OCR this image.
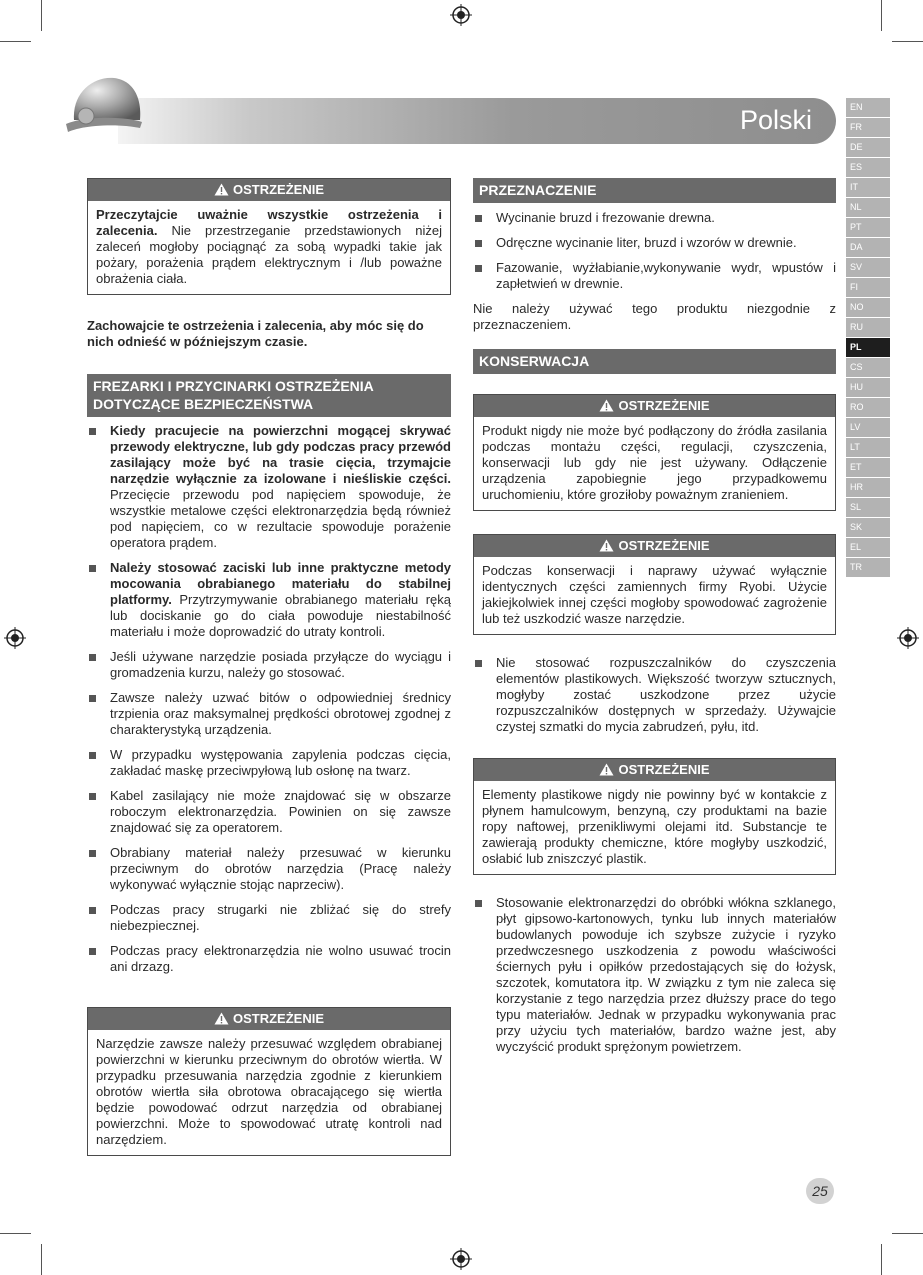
Polski	EN
FR
DE
ES
IT
NL
PT
DA
SV
FI
NO
RU
PL
CS
HU
RO
LV
LT
ET
HR
SL
SK
EL
TR
OSTRZEŻENIE
Przeczytajcie uważnie wszystkie ostrzeżenia i zalecenia. Nie przestrzeganie przedstawionych niżej zaleceń mogłoby pociągnąć za sobą wypadki takie jak pożary, porażenia prądem elektrycznym i /lub poważne obrażenia ciała.

Zachowajcie te ostrzeżenia i zalecenia, aby móc się do nich odnieść w późniejszym czasie.

FREZARKI I PRZYCINARKI OSTRZEŻENIA DOTYCZĄCE BEZPIECZEŃSTWA
Kiedy pracujecie na powierzchni mogącej skrywać przewody elektryczne, lub gdy podczas pracy przewód zasilający może być na trasie cięcia, trzymajcie narzędzie wyłącznie za izolowane i nieśliskie części. Przecięcie przewodu pod napięciem spowoduje, że wszystkie metalowe części elektronarzędzia będą również pod napięciem, co w rezultacie spowoduje porażenie operatora prądem.
Należy stosować zaciski lub inne praktyczne metody mocowania obrabianego materiału do stabilnej platformy. Przytrzymywanie obrabianego materiału ręką lub dociskanie go do ciała powoduje niestabilność materiału i może doprowadzić do utraty kontroli.
Jeśli używane narzędzie posiada przyłącze do wyciągu i gromadzenia kurzu, należy go stosować.
Zawsze należy uzwać bitów o odpowiedniej średnicy trzpienia oraz maksymalnej prędkości obrotowej zgodnej z charakterystyką urządzenia.
W przypadku występowania zapylenia podczas cięcia, zakładać maskę przeciwpyłową lub osłonę na twarz.
Kabel zasilający nie może znajdować się w obszarze roboczym elektronarzędzia. Powinien on się zawsze znajdować się za operatorem.
Obrabiany materiał należy przesuwać w kierunku przeciwnym do obrotów narzędzia (Pracę należy wykonywać wyłącznie stojąc naprzeciw).
Podczas pracy strugarki nie zbliżać się do strefy niebezpiecznej.
Podczas pracy elektronarzędzia nie wolno usuwać trocin ani drzazg.
OSTRZEŻENIE
Narzędzie zawsze należy przesuwać względem obrabianej powierzchni w kierunku przeciwnym do obrotów wiertła. W przypadku przesuwania narzędzia zgodnie z kierunkiem obrotów wiertła siła obrotowa obracającego się wiertła będzie powodować odrzut narzędzia od obrabianej powierzchni. Może to spowodować utratę kontroli nad narzędziem.
PRZEZNACZENIE
Wycinanie bruzd i frezowanie drewna.
Odręczne wycinanie liter, bruzd i wzorów w drewnie.
Fazowanie, wyżłabianie,wykonywanie wydr, wpustów i zapłetwień w drewnie.

Nie należy używać tego produktu niezgodnie z przeznaczeniem.

KONSERWACJA
OSTRZEŻENIE
Produkt nigdy nie może być podłączony do źródła zasilania podczas montażu części, regulacji, czyszczenia, konserwacji lub gdy nie jest używany. Odłączenie urządzenia zapobiegnie jego przypadkowemu uruchomieniu, które groziłoby poważnym zranieniem.
OSTRZEŻENIE
Podczas konserwacji i naprawy używać wyłącznie identycznych części zamiennych firmy Ryobi. Użycie jakiejkolwiek innej części mogłoby spowodować zagrożenie lub też uszkodzić wasze narzędzie.
Nie stosować rozpuszczalników do czyszczenia elementów plastikowych. Większość tworzyw sztucznych, mogłyby zostać uszkodzone przez użycie rozpuszczalników dostępnych w sprzedaży. Używajcie czystej szmatki do mycia zabrudzeń, pyłu, itd.
OSTRZEŻENIE
Elementy plastikowe nigdy nie powinny być w kontakcie z płynem hamulcowym, benzyną, czy produktami na bazie ropy naftowej, przenikliwymi olejami itd. Substancje te zawierają produkty chemiczne, które mogłyby uszkodzić, osłabić lub zniszczyć plastik.
Stosowanie elektronarzędzi do obróbki włókna szklanego, płyt gipsowo-kartonowych, tynku lub innych materiałów budowlanych powoduje ich szybsze zużycie i ryzyko przedwczesnego uszkodzenia z powodu właściwości ściernych pyłu i opiłków przedostających się do łożysk, szczotek, komutatora itp. W związku z tym nie zaleca się korzystanie z tego narzędzia przez dłuższy prace do tego typu materiałów. Jednak w przypadku wykonywania prac przy użyciu tych materiałów, bardzo ważne jest, aby wyczyścić produkt sprężonym powietrzem.
25
